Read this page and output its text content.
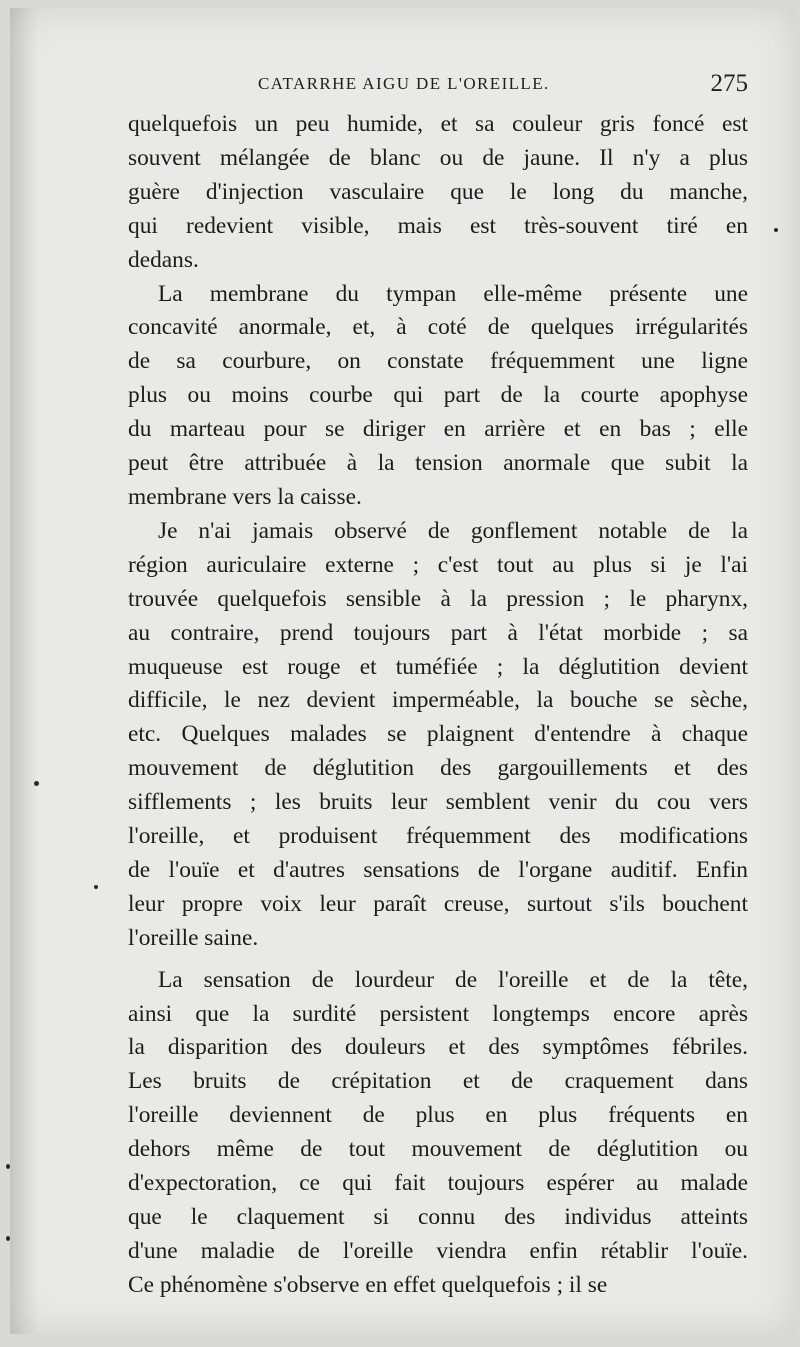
CATARRHE AIGU DE L'OREILLE.	275
quelquefois un peu humide, et sa couleur gris foncé est
souvent mélangée de blanc ou de jaune. Il n'y a plus
guère d'injection vasculaire que le long du manche,
qui redevient visible, mais est très-souvent tiré en
dedans.
La membrane du tympan elle-même présente une
concavité anormale, et, à coté de quelques irrégularités
de sa courbure, on constate fréquemment une ligne
plus ou moins courbe qui part de la courte apophyse
du marteau pour se diriger en arrière et en bas ; elle
peut être attribuée à la tension anormale que subit la
membrane vers la caisse.
Je n'ai jamais observé de gonflement notable de la
région auriculaire externe ; c'est tout au plus si je l'ai
trouvée quelquefois sensible à la pression ; le pharynx,
au contraire, prend toujours part à l'état morbide ; sa
muqueuse est rouge et tuméfiée ; la déglutition devient
difficile, le nez devient imperméable, la bouche se sèche,
etc. Quelques malades se plaignent d'entendre à chaque
mouvement de déglutition des gargouillements et des
sifflements ; les bruits leur semblent venir du cou vers
l'oreille, et produisent fréquemment des modifications
de l'ouïe et d'autres sensations de l'organe auditif. Enfin
leur propre voix leur paraît creuse, surtout s'ils bouchent
l'oreille saine.
La sensation de lourdeur de l'oreille et de la tête,
ainsi que la surdité persistent longtemps encore après
la disparition des douleurs et des symptômes fébriles.
Les bruits de crépitation et de craquement dans
l'oreille deviennent de plus en plus fréquents en
dehors même de tout mouvement de déglutition ou
d'expectoration, ce qui fait toujours espérer au malade
que le claquement si connu des individus atteints
d'une maladie de l'oreille viendra enfin rétablir l'ouïe.
Ce phénomène s'observe en effet quelquefois ; il se
